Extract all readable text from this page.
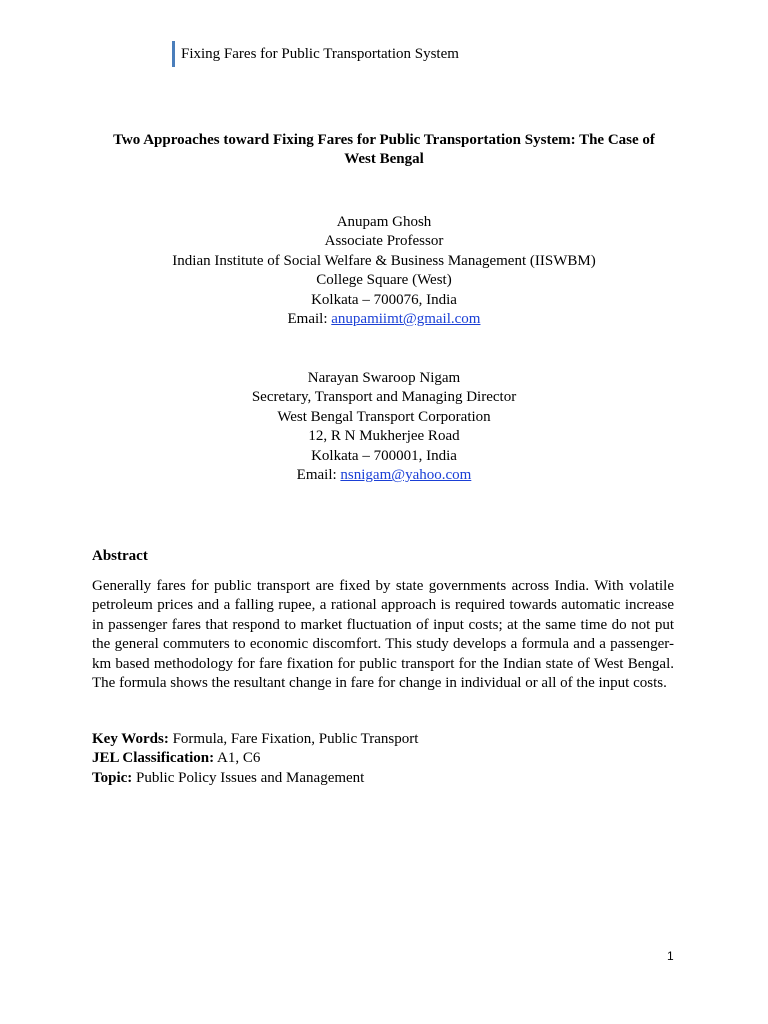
Fixing Fares for Public Transportation System
Two Approaches toward Fixing Fares for Public Transportation System: The Case of
West Bengal
Anupam Ghosh
Associate Professor
Indian Institute of Social Welfare & Business Management (IISWBM)
College Square (West)
Kolkata – 700076, India
Email: anupamiimt@gmail.com
Narayan Swaroop Nigam
Secretary, Transport and Managing Director
West Bengal Transport Corporation
12, R N Mukherjee Road
Kolkata – 700001, India
Email: nsnigam@yahoo.com
Abstract
Generally fares for public transport are fixed by state governments across India. With volatile petroleum prices and a falling rupee, a rational approach is required towards automatic increase in passenger fares that respond to market fluctuation of input costs; at the same time do not put the general commuters to economic discomfort. This study develops a formula and a passenger-km based methodology for fare fixation for public transport for the Indian state of West Bengal. The formula shows the resultant change in fare for change in individual or all of the input costs.
Key Words: Formula, Fare Fixation, Public Transport
JEL Classification: A1, C6
Topic: Public Policy Issues and Management
1
